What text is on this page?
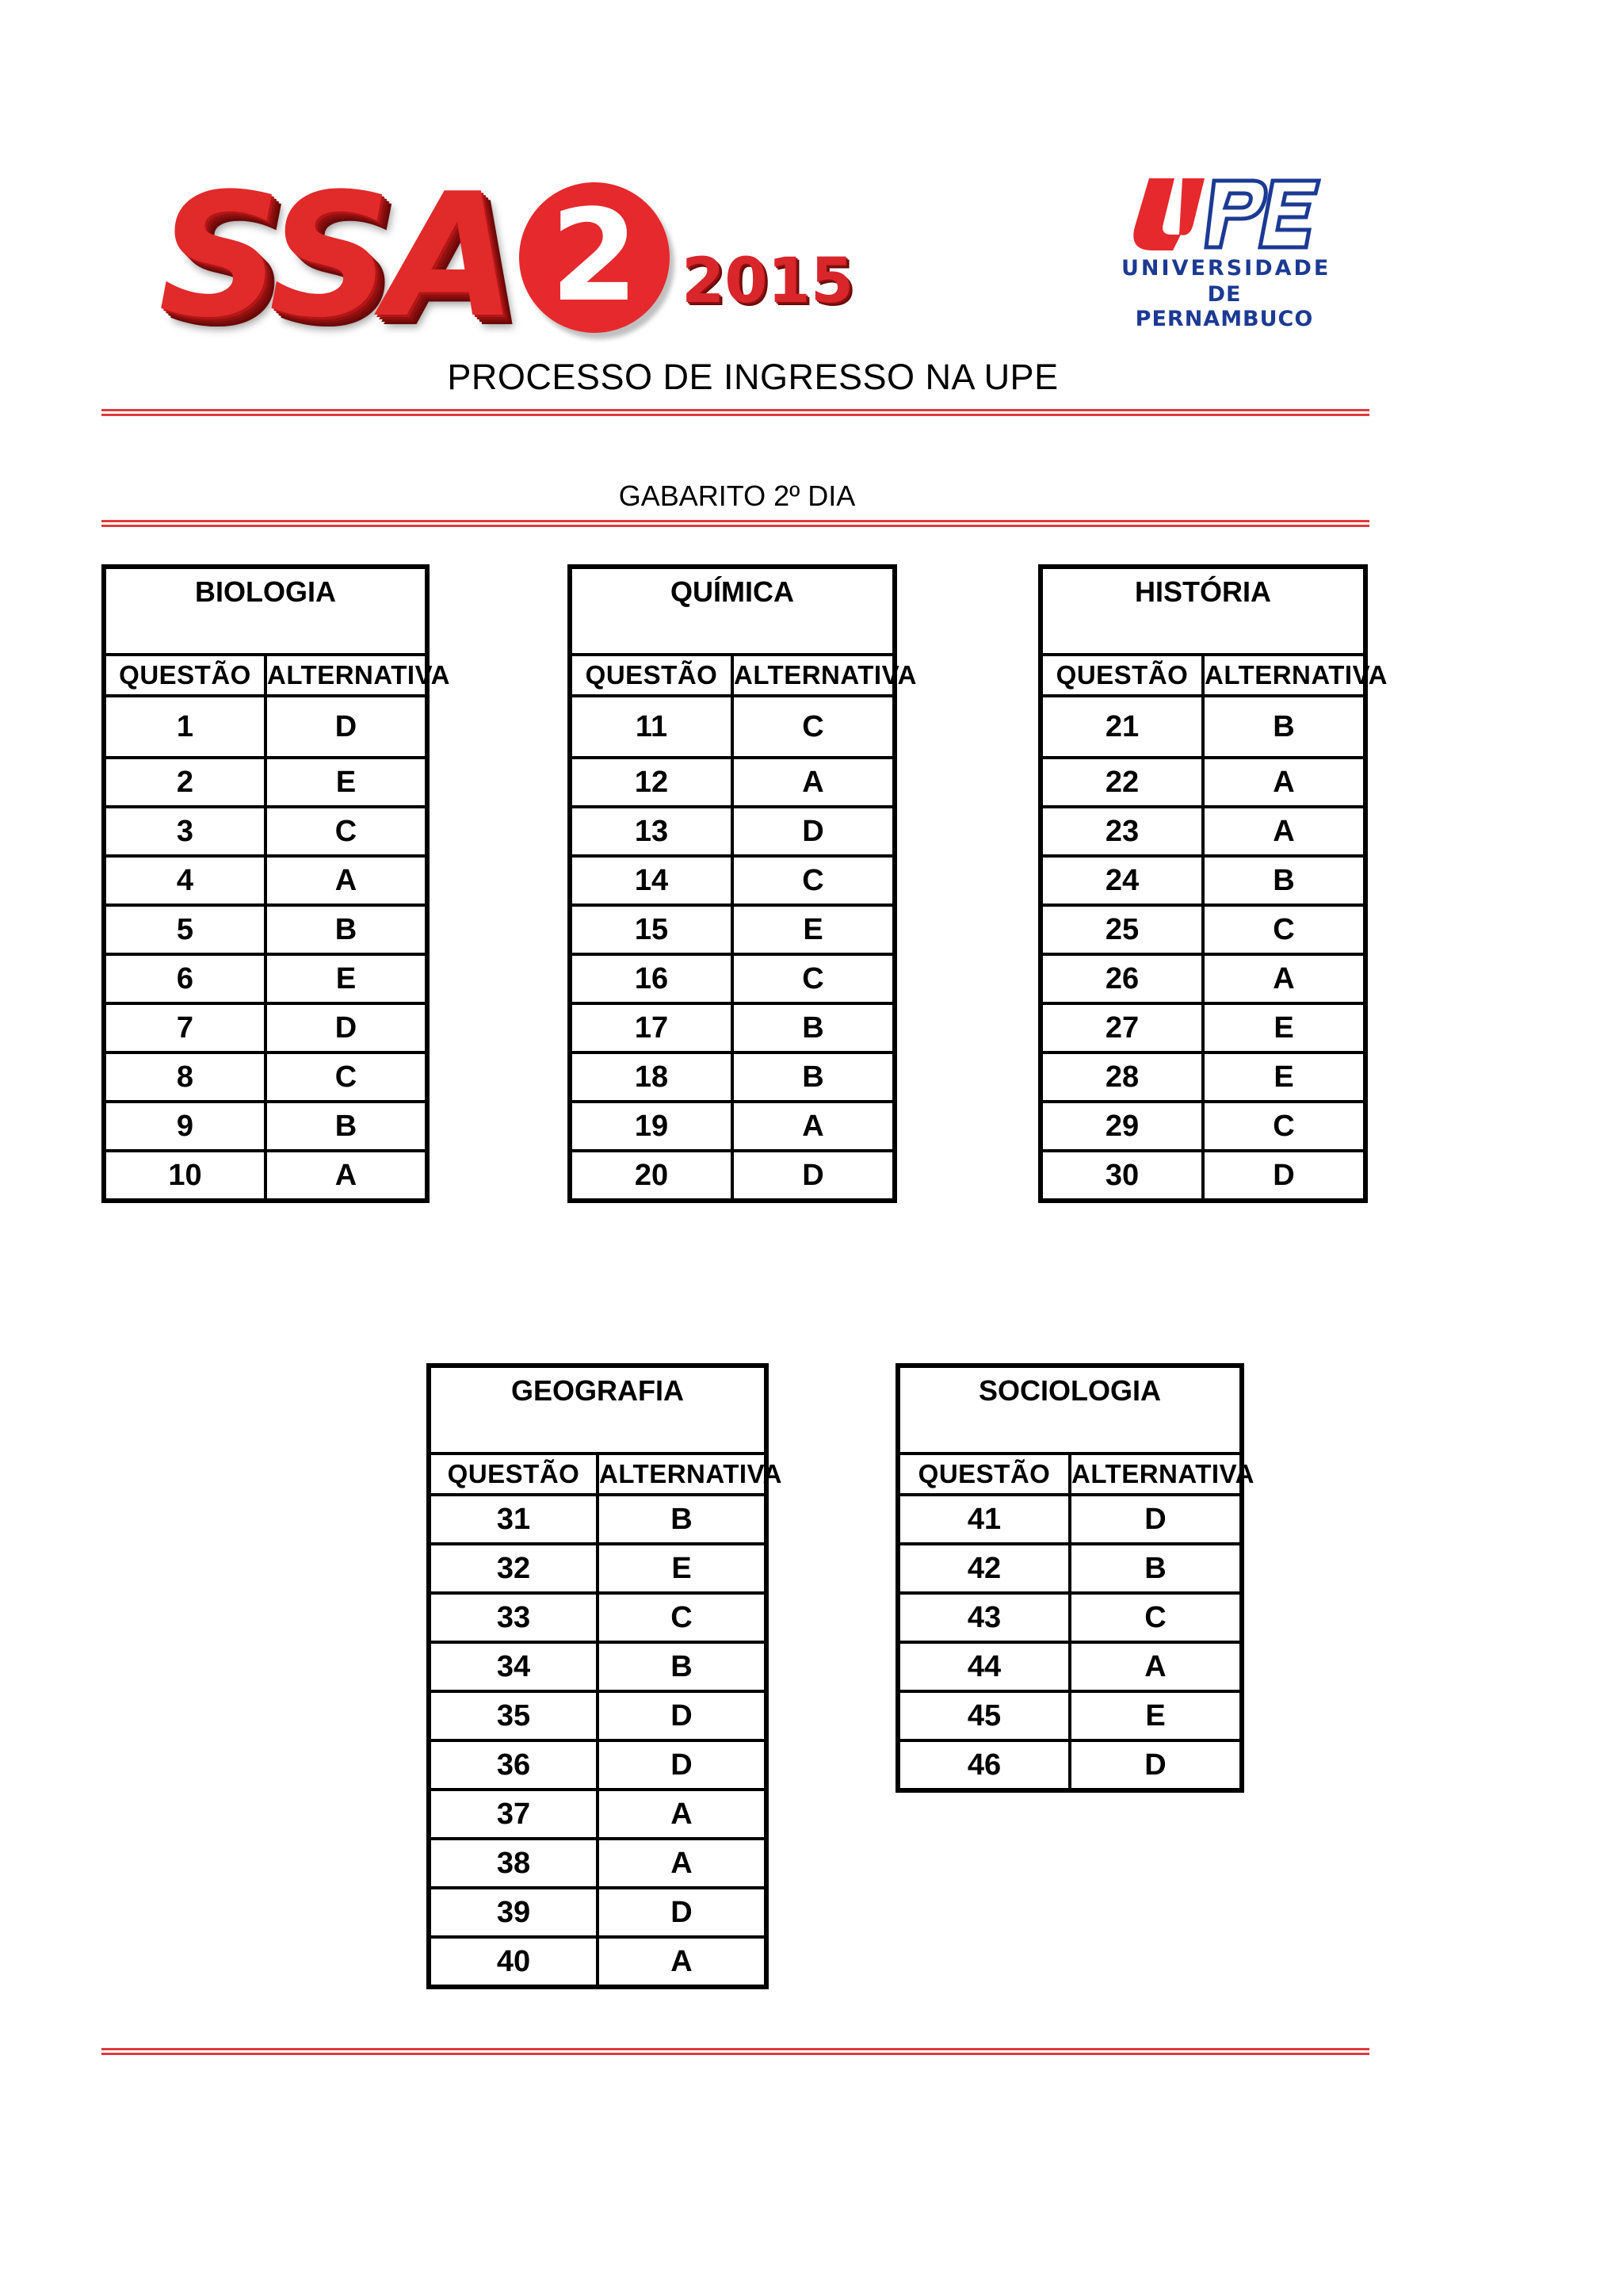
SSA 2 2015	UNIVERSIDADE
DE PERNAMBUCO
PROCESSO DE INGRESSO NA UPE
GABARITO 2º DIA
BIOLOGIA	
QUESTÃO	ALTERNATIVA
1	D
2	E
3	C
4	A
5	B
6	E
7	D
8	C
9	B
10	A
QUÍMICA	
QUESTÃO	ALTERNATIVA
11	C
12	A
13	D
14	C
15	E
16	C
17	B
18	B
19	A
20	D
HISTÓRIA	
QUESTÃO	ALTERNATIVA
21	B
22	A
23	A
24	B
25	C
26	A
27	E
28	E
29	C
30	D
GEOGRAFIA	
QUESTÃO	ALTERNATIVA
31	B
32	E
33	C
34	B
35	D
36	D
37	A
38	A
39	D
40	A
SOCIOLOGIA	
QUESTÃO	ALTERNATIVA
41	D
42	B
43	C
44	A
45	E
46	D
